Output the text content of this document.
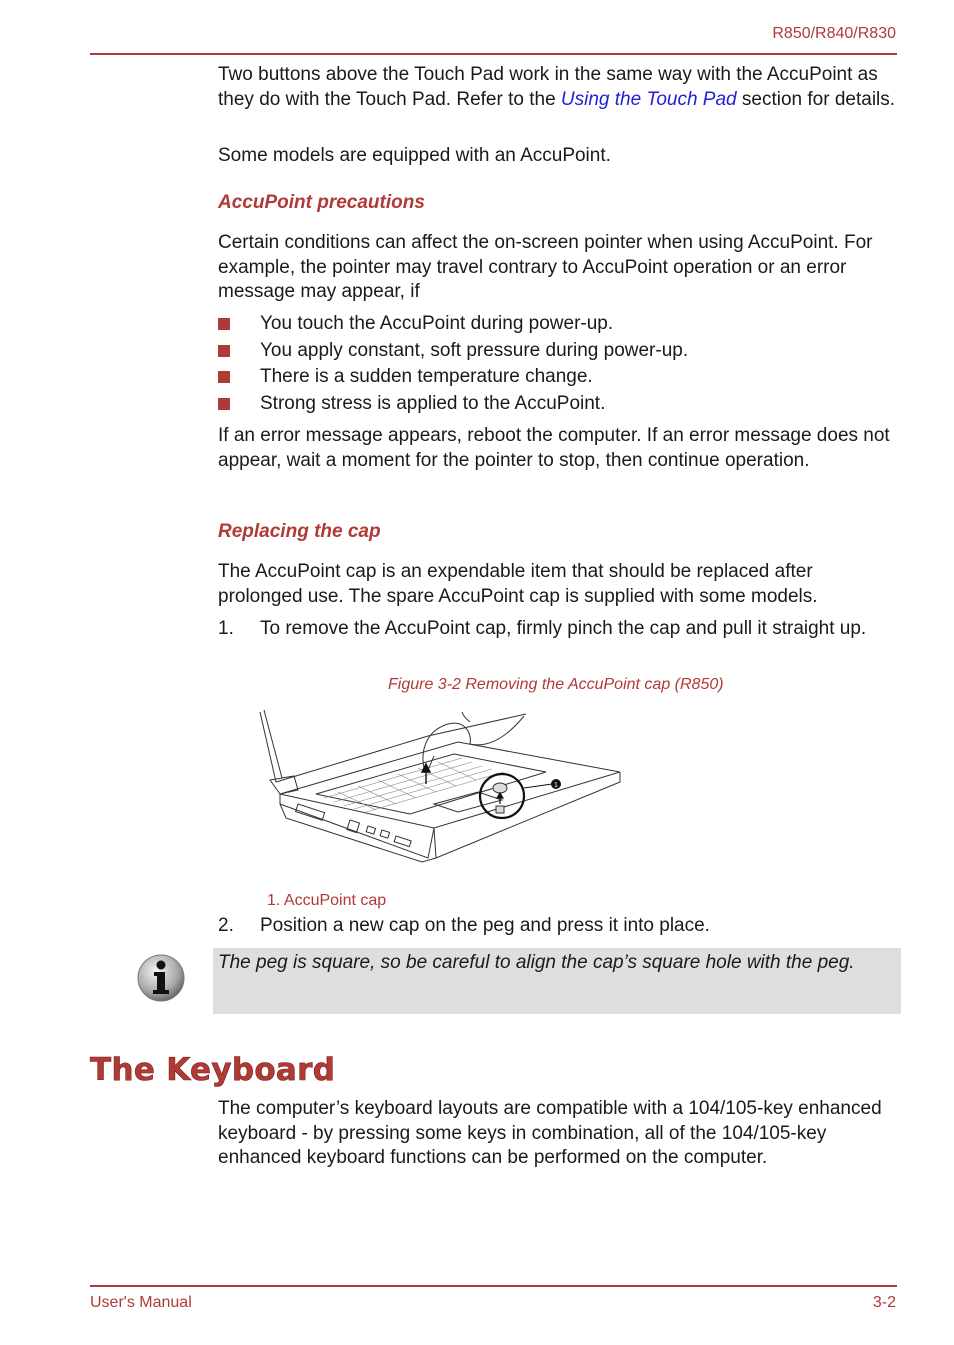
R850/R840/R830
Two buttons above the Touch Pad work in the same way with the AccuPoint as they do with the Touch Pad. Refer to the Using the Touch Pad section for details.
Some models are equipped with an AccuPoint.
AccuPoint precautions
Certain conditions can affect the on-screen pointer when using AccuPoint. For example, the pointer may travel contrary to AccuPoint operation or an error message may appear, if
You touch the AccuPoint during power-up.
You apply constant, soft pressure during power-up.
There is a sudden temperature change.
Strong stress is applied to the AccuPoint.
If an error message appears, reboot the computer. If an error message does not appear, wait a moment for the pointer to stop, then continue operation.
Replacing the cap
The AccuPoint cap is an expendable item that should be replaced after prolonged use. The spare AccuPoint cap is supplied with some models.
1. To remove the AccuPoint cap, firmly pinch the cap and pull it straight up.
Figure 3-2 Removing the AccuPoint cap (R850)
1
1. AccuPoint cap
2. Position a new cap on the peg and press it into place.
The peg is square, so be careful to align the cap’s square hole with the peg.
The Keyboard
The computer’s keyboard layouts are compatible with a 104/105-key enhanced keyboard - by pressing some keys in combination, all of the 104/105-key enhanced keyboard functions can be performed on the computer.
User's Manual	3-2
